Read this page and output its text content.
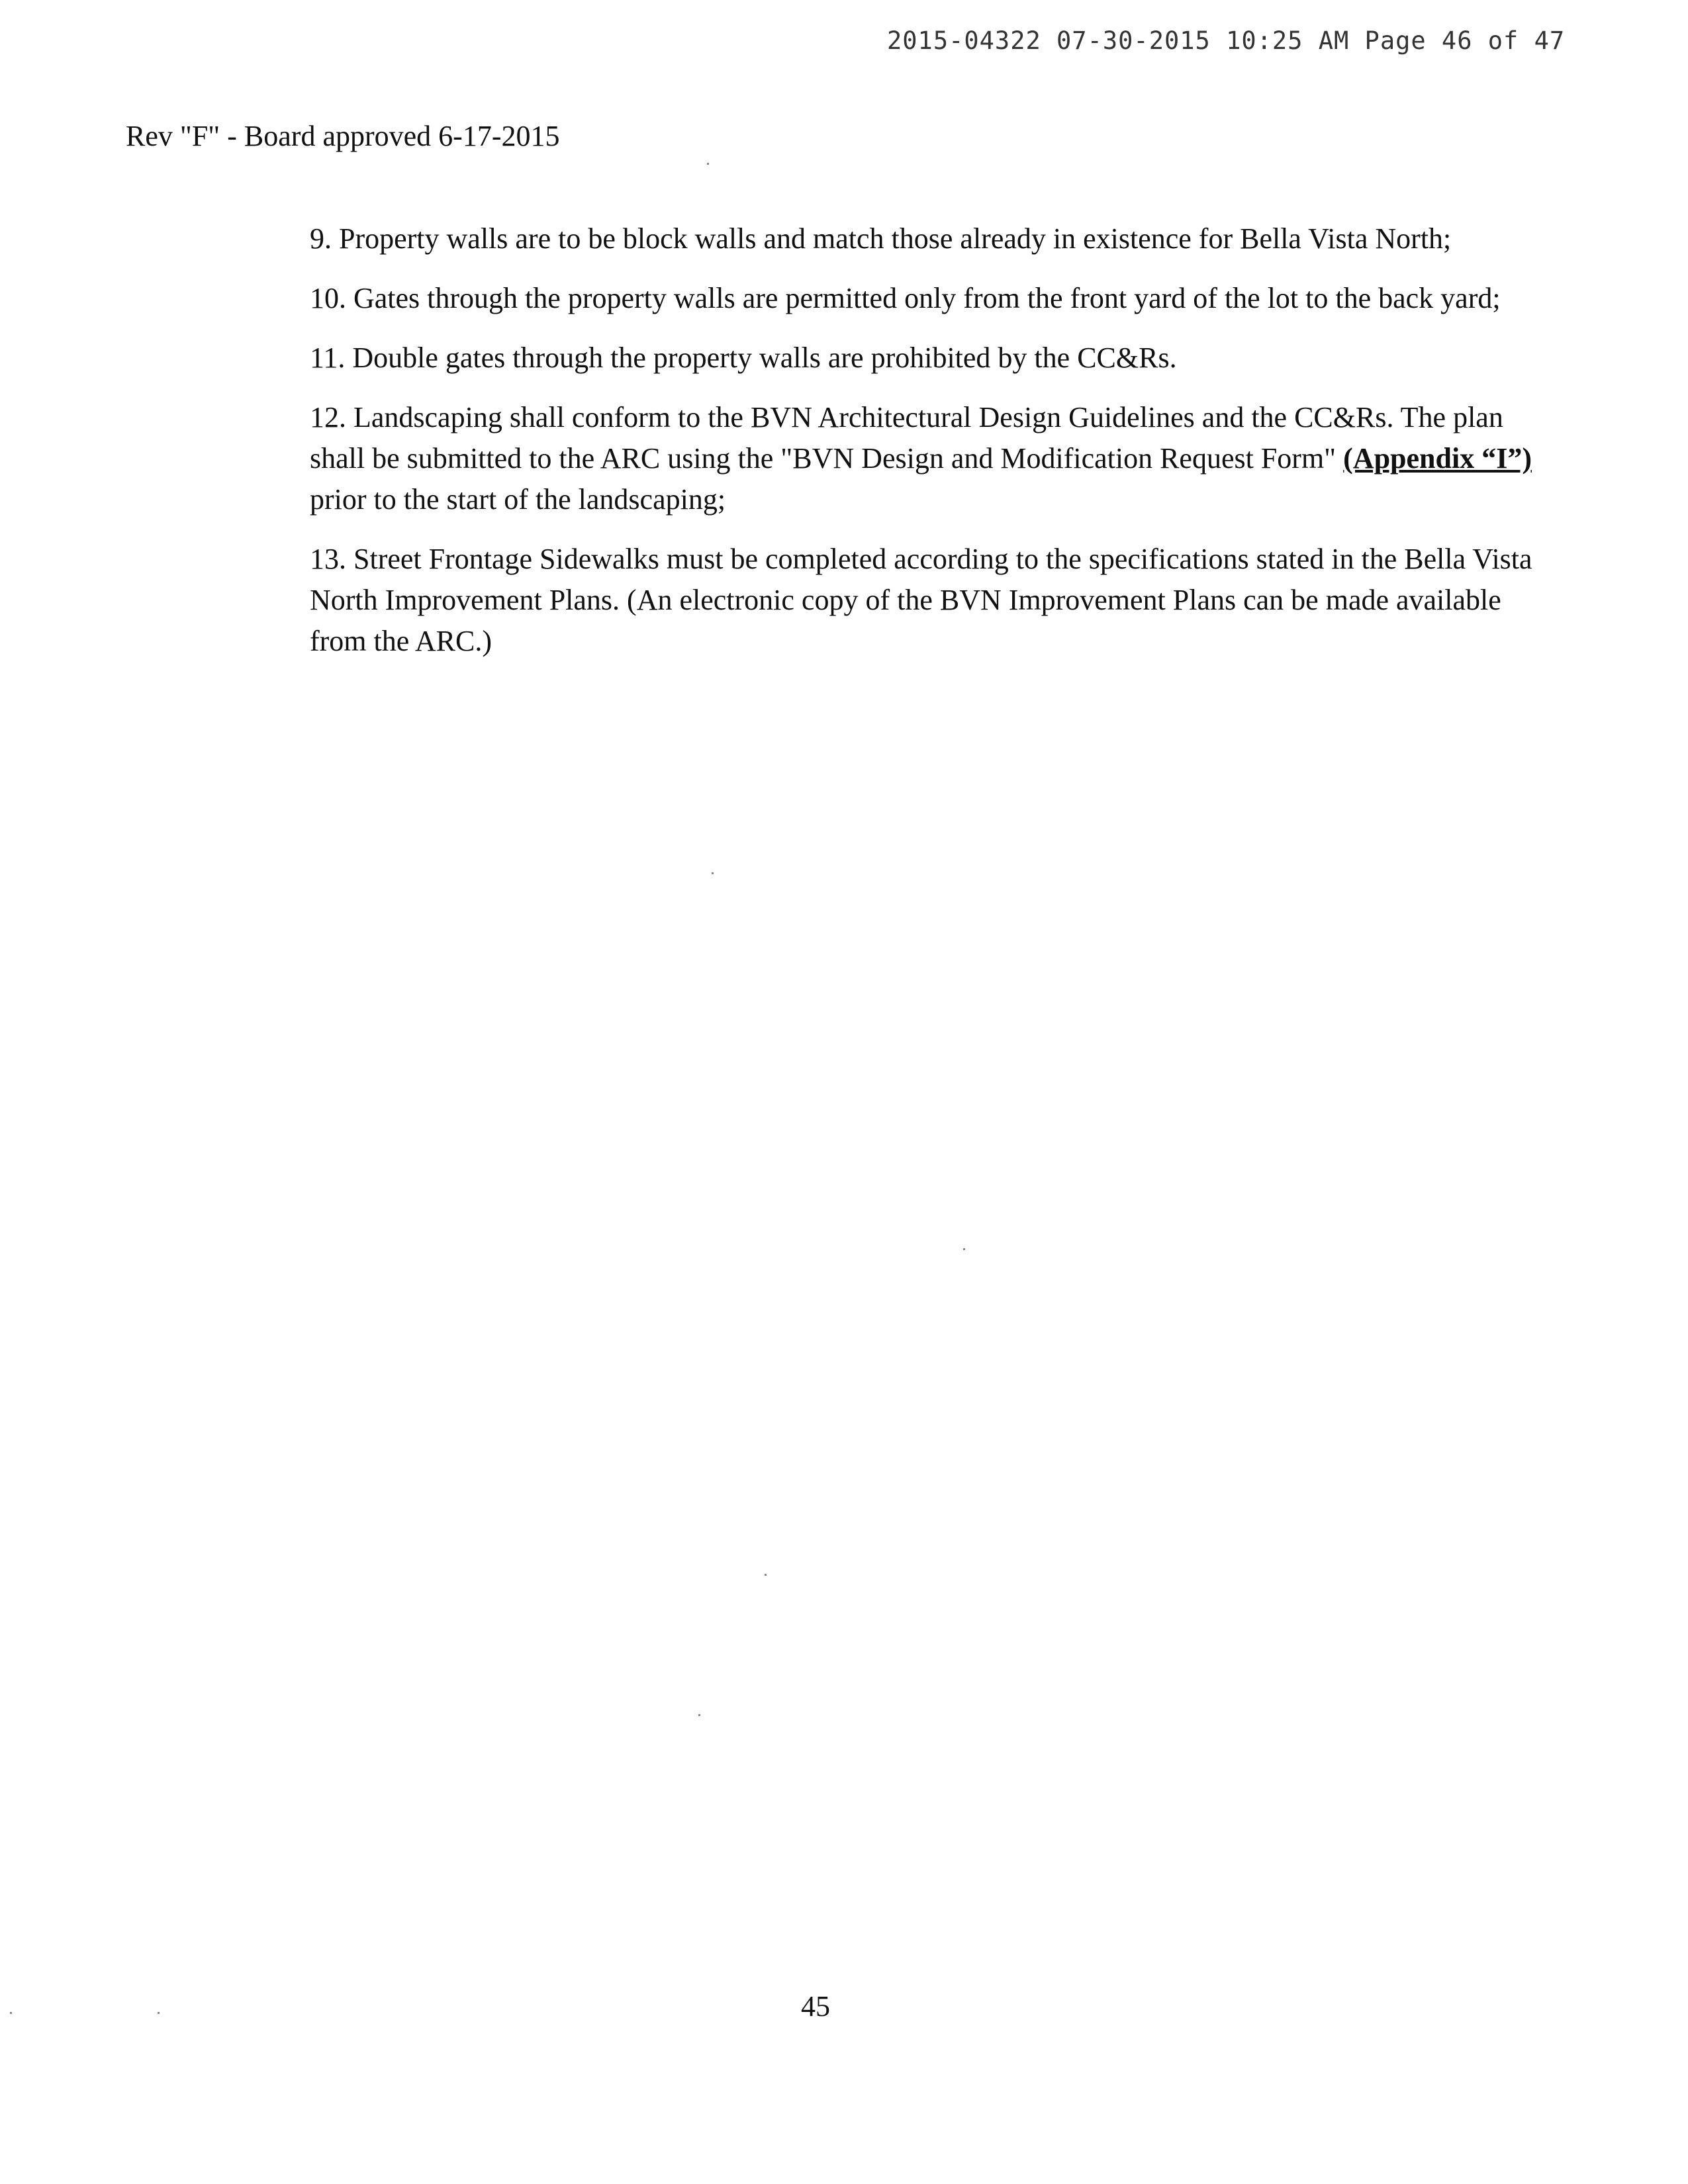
2015-04322 07-30-2015 10:25 AM Page 46 of 47
Rev "F" - Board approved 6-17-2015

9. Property walls are to be block walls and match those already in existence for Bella Vista North;

10. Gates through the property walls are permitted only from the front yard of the lot to the back yard;

11. Double gates through the property walls are prohibited by the CC&Rs.

12. Landscaping shall conform to the BVN Architectural Design Guidelines and the CC&Rs. The plan shall be submitted to the ARC using the "BVN Design and Modification Request Form" (Appendix “I”) prior to the start of the landscaping;

13. Street Frontage Sidewalks must be completed according to the specifications stated in the Bella Vista North Improvement Plans. (An electronic copy of the BVN Improvement Plans can be made available from the ARC.)

45
